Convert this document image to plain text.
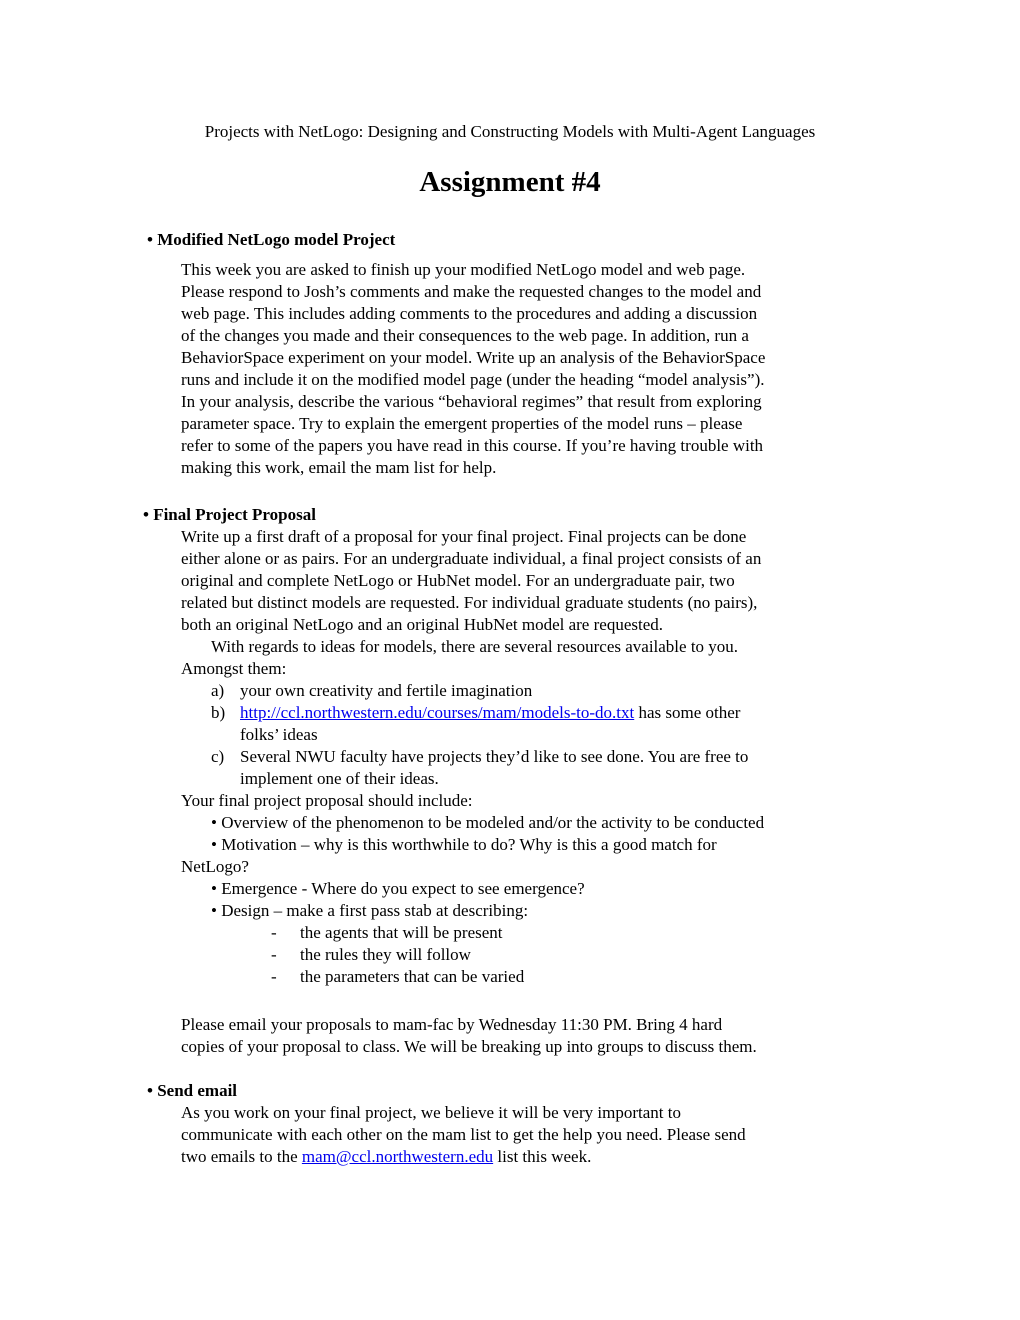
Projects with NetLogo: Designing and Constructing Models with Multi-Agent Languages
Assignment #4
• Modified NetLogo model Project

This week you are asked to finish up your modified NetLogo model and web page.

Please respond to Josh’s comments and make the requested changes to the model and

web page. This includes adding comments to the procedures and adding a discussion

of the changes you made and their consequences to the web page. In addition, run a

BehaviorSpace experiment on your model. Write up an analysis of the BehaviorSpace

runs and include it on the modified model page (under the heading “model analysis”).

In your analysis, describe the various “behavioral regimes” that result from exploring

parameter space. Try to explain the emergent properties of the model runs – please

refer to some of the papers you have read in this course. If you’re having trouble with

making this work, email the mam list for help.

• Final Project Proposal

Write up a first draft of a proposal for your final project. Final projects can be done

either alone or as pairs. For an undergraduate individual, a final project consists of an

original and complete NetLogo or HubNet model. For an undergraduate pair, two

related but distinct models are requested. For individual graduate students (no pairs),

both an original NetLogo and an original HubNet model are requested.

With regards to ideas for models, there are several resources available to you.

Amongst them:

a) your own creativity and fertile imagination

b) http://ccl.northwestern.edu/courses/mam/models-to-do.txt has some other

folks’ ideas

c) Several NWU faculty have projects they’d like to see done. You are free to

implement one of their ideas.

Your final project proposal should include:

• Overview of the phenomenon to be modeled and/or the activity to be conducted

• Motivation – why is this worthwhile to do? Why is this a good match for

NetLogo?

• Emergence - Where do you expect to see emergence?

• Design – make a first pass stab at describing:

- the agents that will be present

- the rules they will follow

- the parameters that can be varied

Please email your proposals to mam-fac by Wednesday 11:30 PM. Bring 4 hard

copies of your proposal to class. We will be breaking up into groups to discuss them.

• Send email

As you work on your final project, we believe it will be very important to

communicate with each other on the mam list to get the help you need. Please send

two emails to the mam@ccl.northwestern.edu list this week.
